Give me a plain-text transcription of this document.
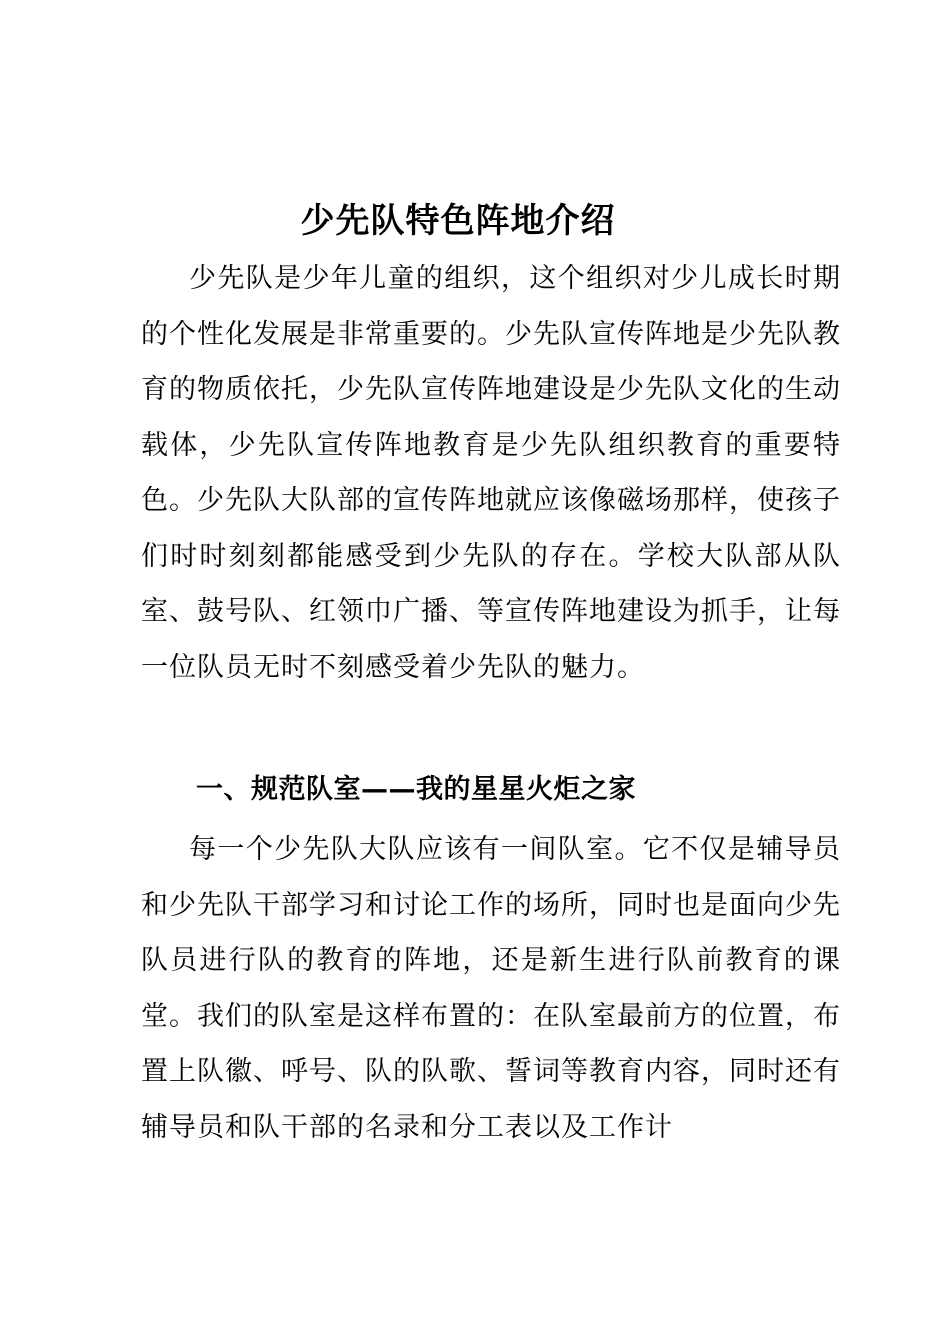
少先队特色阵地介绍

少先队是少年儿童的组织，这个组织对少儿成长时期的个性化发展是非常重要的。少先队宣传阵地是少先队教育的物质依托，少先队宣传阵地建设是少先队文化的生动载体，少先队宣传阵地教育是少先队组织教育的重要特色。少先队大队部的宣传阵地就应该像磁场那样，使孩子们时时刻刻都能感受到少先队的存在。学校大队部从队室、鼓号队、红领巾广播、等宣传阵地建设为抓手，让每一位队员无时不刻感受着少先队的魅力。

一、规范队室——我的星星火炬之家

每一个少先队大队应该有一间队室。它不仅是辅导员和少先队干部学习和讨论工作的场所，同时也是面向少先队员进行队的教育的阵地，还是新生进行队前教育的课堂。我们的队室是这样布置的：在队室最前方的位置，布置上队徽、呼号、队的队歌、誓词等教育内容，同时还有辅导员和队干部的名录和分工表以及工作计
